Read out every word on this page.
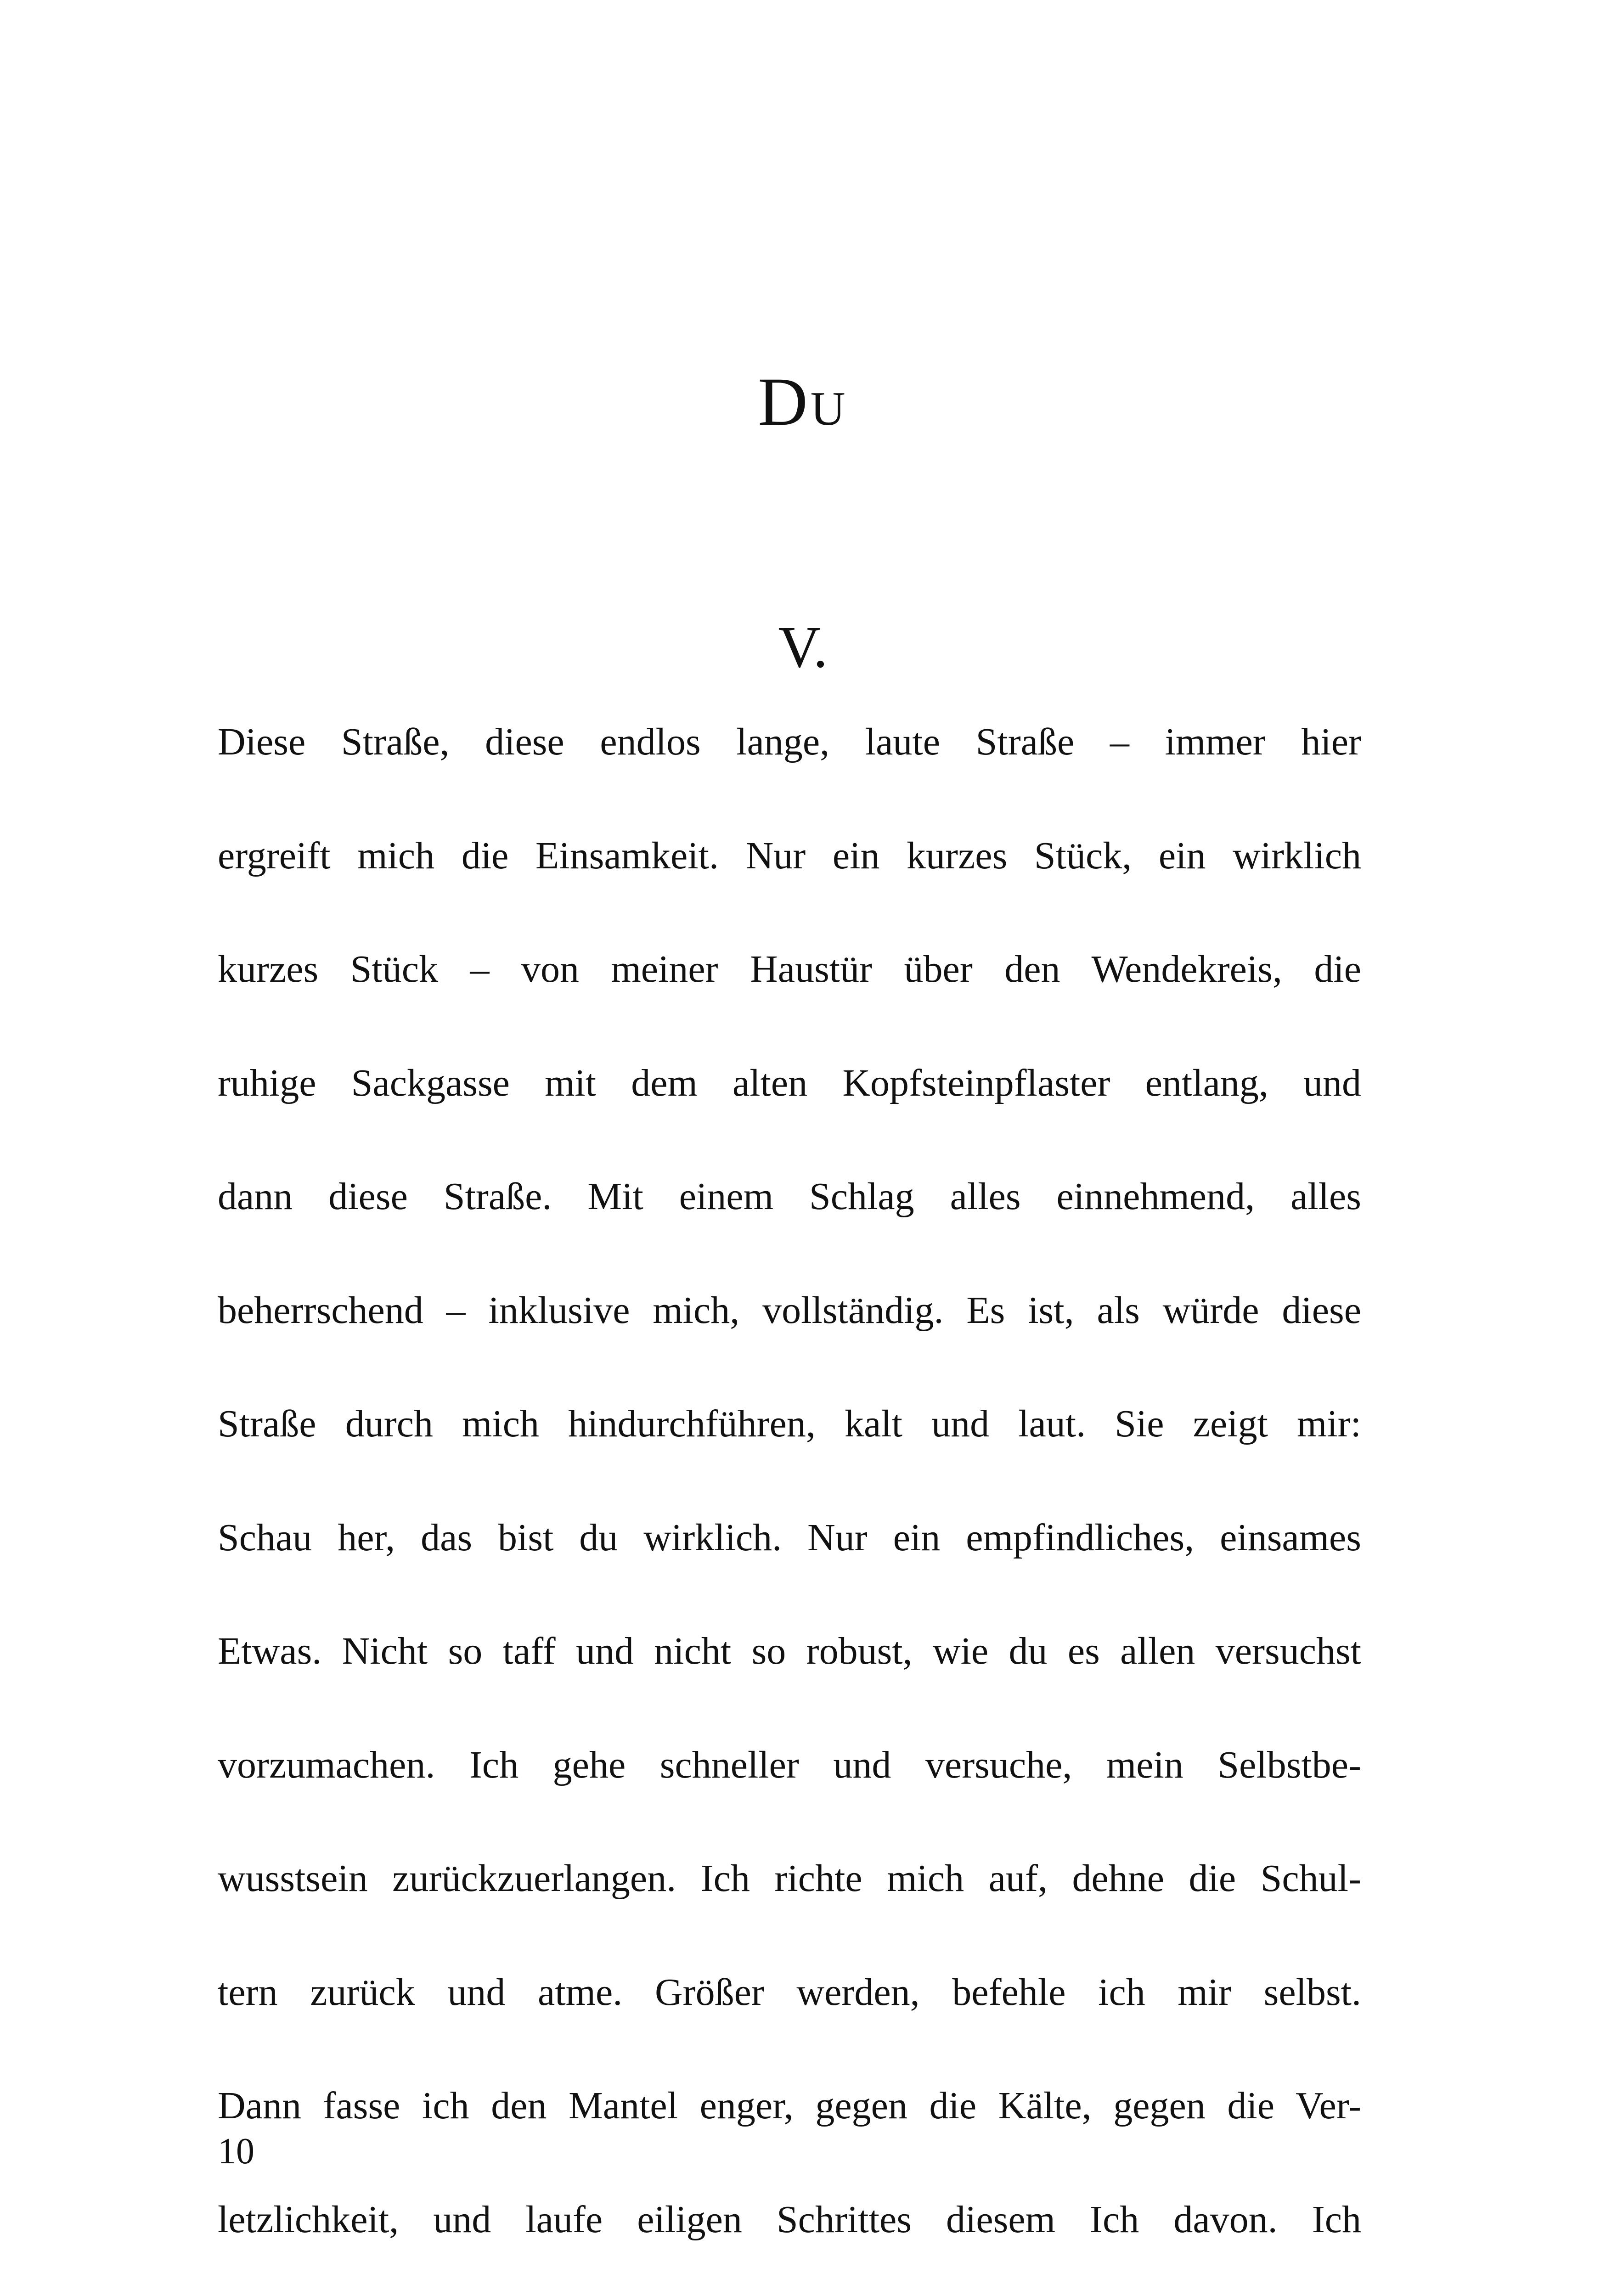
Du
V.
Diese Straße, diese endlos lange, laute Straße – immer hier
ergreift mich die Einsamkeit. Nur ein kurzes Stück, ein wirklich
kurzes Stück – von meiner Haustür über den Wendekreis, die
ruhige Sackgasse mit dem alten Kopfsteinpflaster entlang, und
dann diese Straße. Mit einem Schlag alles einnehmend, alles
beherrschend – inklusive mich, vollständig. Es ist, als würde diese
Straße durch mich hindurchführen, kalt und laut. Sie zeigt mir:
Schau her, das bist du wirklich. Nur ein empfindliches, einsames
Etwas. Nicht so taff und nicht so robust, wie du es allen versuchst
vorzumachen. Ich gehe schneller und versuche, mein Selbstbe-
wusstsein zurückzuerlangen. Ich richte mich auf, dehne die Schul-
tern zurück und atme. Größer werden, befehle ich mir selbst.
Dann fasse ich den Mantel enger, gegen die Kälte, gegen die Ver-
letzlichkeit, und laufe eiligen Schrittes diesem Ich davon. Ich
10
